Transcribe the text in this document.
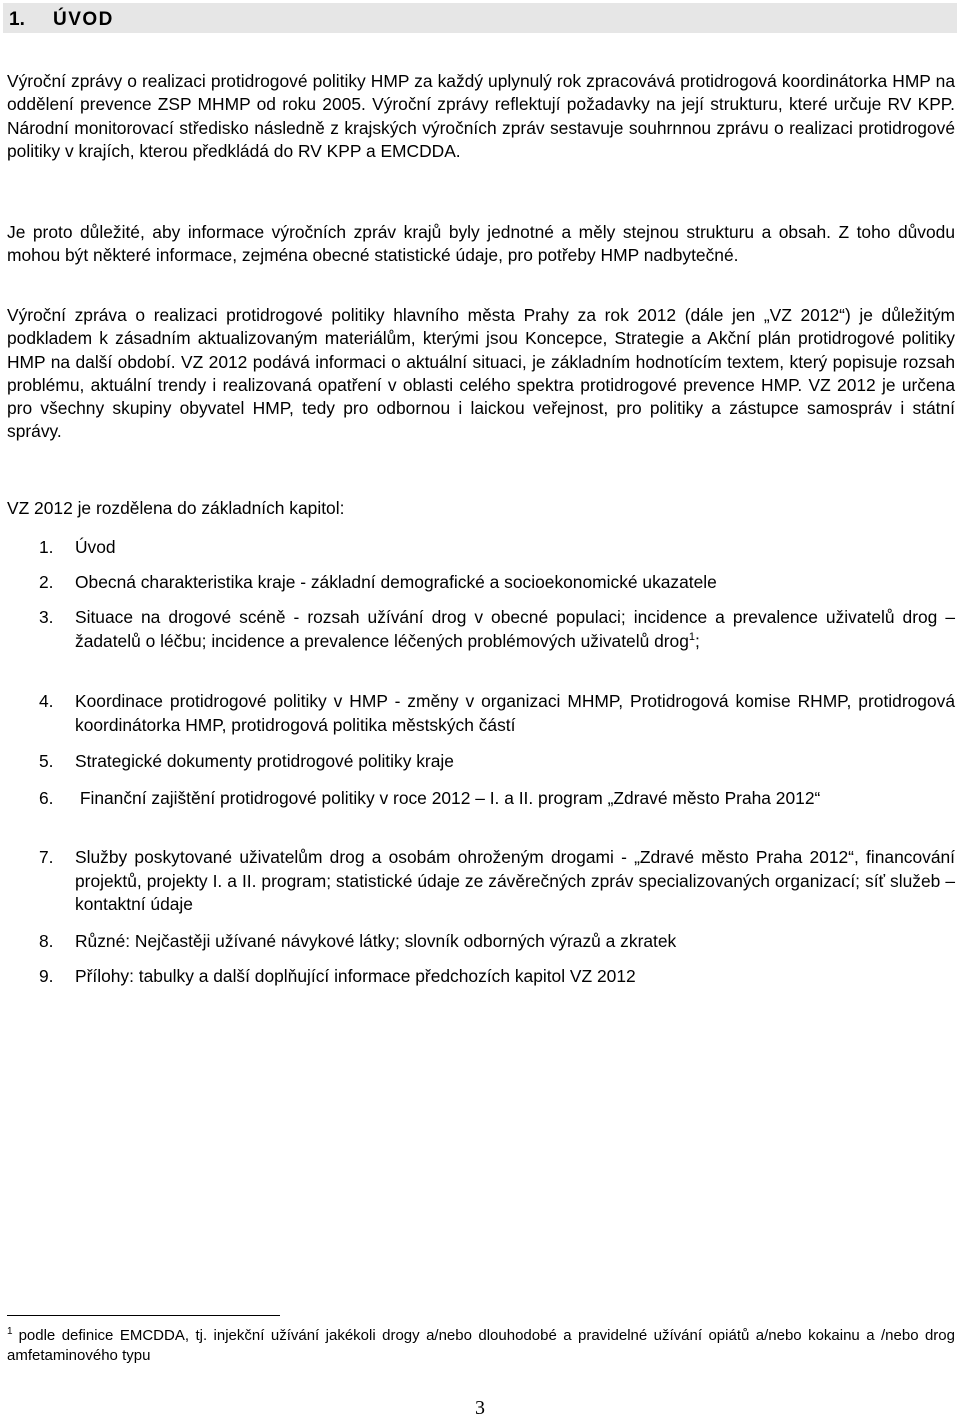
1. ÚVOD

Výroční zprávy o realizaci protidrogové politiky HMP za každý uplynulý rok zpracovává protidrogová koordinátorka HMP na oddělení prevence ZSP MHMP od roku 2005. Výroční zprávy reflektují požadavky na její strukturu, které určuje RV KPP. Národní monitorovací středisko následně z krajských výročních zpráv sestavuje souhrnnou zprávu o realizaci protidrogové politiky v krajích, kterou předkládá do RV KPP a EMCDDA.

Je proto důležité, aby informace výročních zpráv krajů byly jednotné a měly stejnou strukturu a obsah. Z toho důvodu mohou být některé informace, zejména obecné statistické údaje, pro potřeby HMP nadbytečné.

Výroční zpráva o realizaci protidrogové politiky hlavního města Prahy za rok 2012 (dále jen „VZ 2012“) je důležitým podkladem k zásadním aktualizovaným materiálům, kterými jsou Koncepce, Strategie a Akční plán protidrogové politiky HMP na další období. VZ 2012 podává informaci o aktuální situaci, je základním hodnotícím textem, který popisuje rozsah problému, aktuální trendy i realizovaná opatření v oblasti celého spektra protidrogové prevence HMP. VZ 2012 je určena pro všechny skupiny obyvatel HMP, tedy pro odbornou i laickou veřejnost, pro politiky a zástupce samospráv i státní správy.

VZ 2012 je rozdělena do základních kapitol:

1.	Úvod
2.	Obecná charakteristika kraje - základní demografické a socioekonomické ukazatele
3.	Situace na drogové scéně - rozsah užívání drog v obecné populaci; incidence a prevalence uživatelů drog – žadatelů o léčbu; incidence a prevalence léčených problémových uživatelů drog$^1$;
4.	Koordinace protidrogové politiky v HMP - změny v organizaci MHMP, Protidrogová komise RHMP, protidrogová koordinátorka HMP, protidrogová politika městských částí
5.	Strategické dokumenty protidrogové politiky kraje
6.	Finanční zajištění protidrogové politiky v roce 2012 – I. a II. program „Zdravé město Praha 2012“
7.	Služby poskytované uživatelům drog a osobám ohroženým drogami - „Zdravé město Praha 2012“, financování projektů, projekty I. a II. program; statistické údaje ze závěrečných zpráv specializovaných organizací; síť služeb – kontaktní údaje
8.	Různé: Nejčastěji užívané návykové látky; slovník odborných výrazů a zkratek
9.	Přílohy: tabulky a další doplňující informace předchozích kapitol VZ 2012
$^1$ podle definice EMCDDA, tj. injekční užívání jakékoli drogy a/nebo dlouhodobé a pravidelné užívání opiátů a/nebo kokainu a /nebo drog amfetaminového typu
3
